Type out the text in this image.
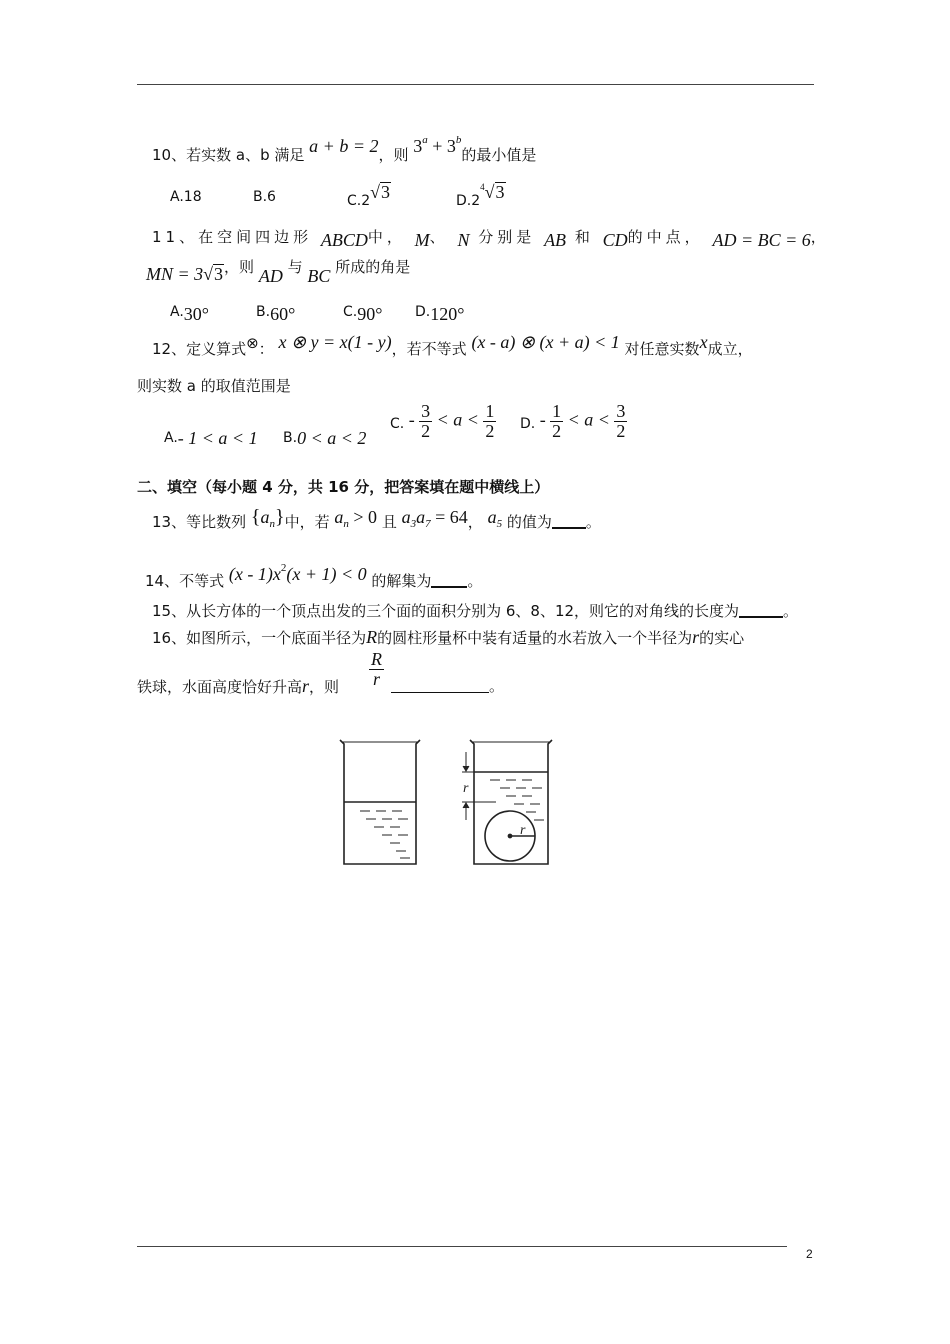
10、若实数 a、b 满足 a + b = 2，则 $3^a + 3^b$的最小值是
A.18	B.6	C.2√3	$D.2^4√3$
11、在空间四边形 ABCD中， M、 N 分别是 AB 和 CD的中点， AD = BC = 6，
MN = 3√3，则 AD 与 BC 所成的角是
A.30°	B.60°	C.90° D.120°
12、定义算式⊗： x ⊗ y = x(1 - y)，若不等式 (x - a) ⊗ (x + a) < 1 对任意实数x成立，
则实数 a 的取值范围是
A.- 1 < a < 1 B.0 < a < 2
C. - $\frac{3}{2} < a < \frac{1}{2} D$. - $\frac{1}{2} < a < \frac{3}{2}$
二、填空（每小题 4 分，共 16 分，把答案填在题中横线上）
13、等比数列 $\{a_n\}$中，若 $a_n > 0$ 且 $a_3a_7 = 64$， $a_5$ 的值为 。
14、不等式 $(x - 1)x^2(x + 1) < 0$ 的解集为 。
15、从长方体的一个顶点出发的三个面的面积分别为 6、8、12，则它的对角线的长度为	。
16、如图所示，一个底面半径为R的圆柱形量杯中装有适量的水若放入一个半径为r的实心
铁球，水面高度恰好升高r，则 $\frac{R}{r}$	。
r
r
2
